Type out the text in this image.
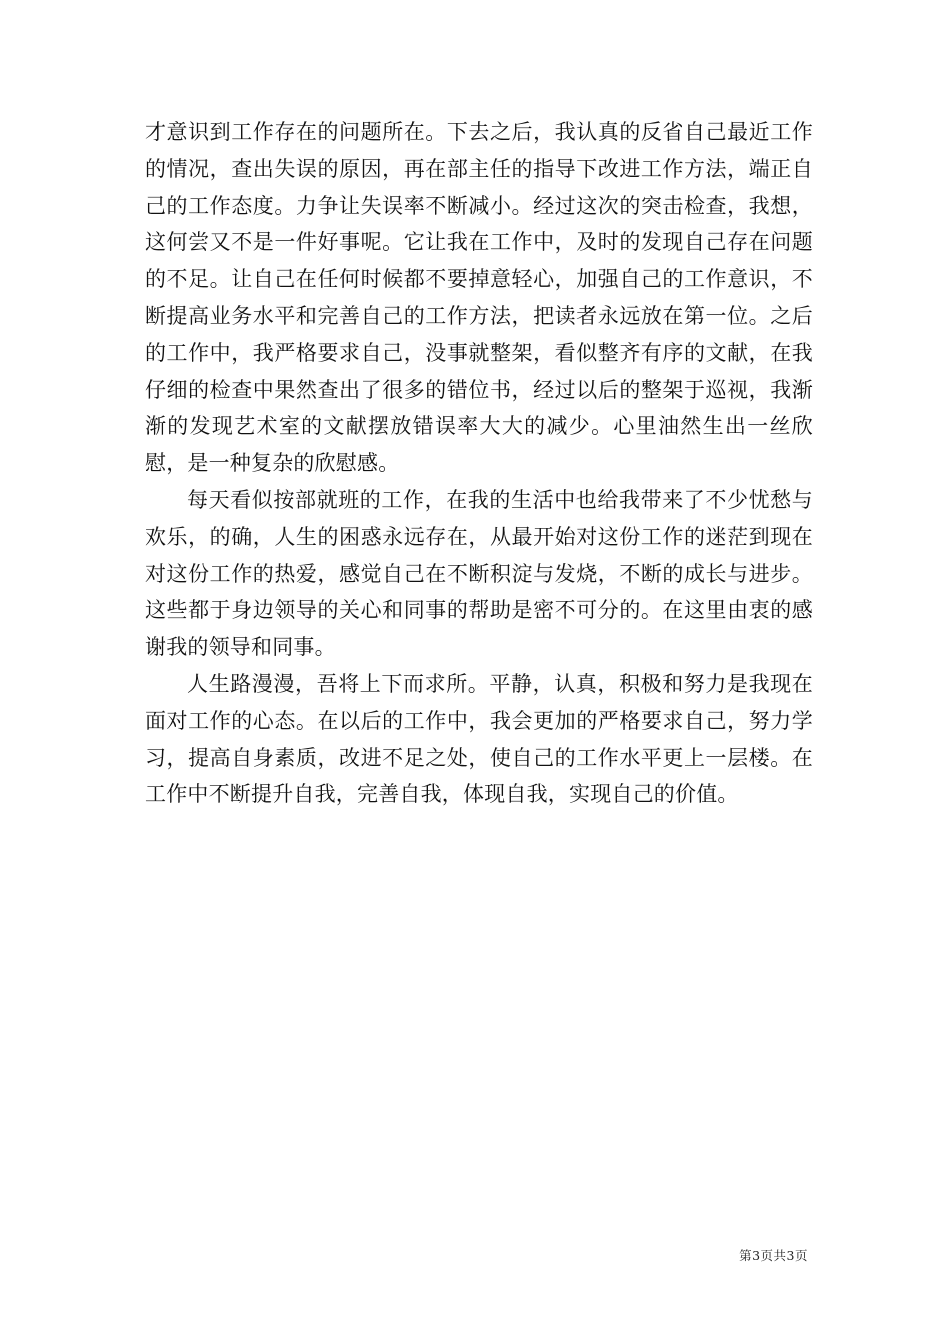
才意识到工作存在的问题所在。下去之后，我认真的反省自己最近工作的情况，查出失误的原因，再在部主任的指导下改进工作方法，端正自己的工作态度。力争让失误率不断减小。经过这次的突击检查，我想，这何尝又不是一件好事呢。它让我在工作中，及时的发现自己存在问题的不足。让自己在任何时候都不要掉意轻心，加强自己的工作意识，不断提高业务水平和完善自己的工作方法，把读者永远放在第一位。之后的工作中，我严格要求自己，没事就整架，看似整齐有序的文献，在我仔细的检查中果然查出了很多的错位书，经过以后的整架于巡视，我渐渐的发现艺术室的文献摆放错误率大大的减少。心里油然生出一丝欣慰，是一种复杂的欣慰感。

每天看似按部就班的工作，在我的生活中也给我带来了不少忧愁与欢乐，的确，人生的困惑永远存在，从最开始对这份工作的迷茫到现在对这份工作的热爱，感觉自己在不断积淀与发烧，不断的成长与进步。这些都于身边领导的关心和同事的帮助是密不可分的。在这里由衷的感谢我的领导和同事。

人生路漫漫，吾将上下而求所。平静，认真，积极和努力是我现在面对工作的心态。在以后的工作中，我会更加的严格要求自己，努力学习，提高自身素质，改进不足之处，使自己的工作水平更上一层楼。在工作中不断提升自我，完善自我，体现自我，实现自己的价值。

第3页共3页
